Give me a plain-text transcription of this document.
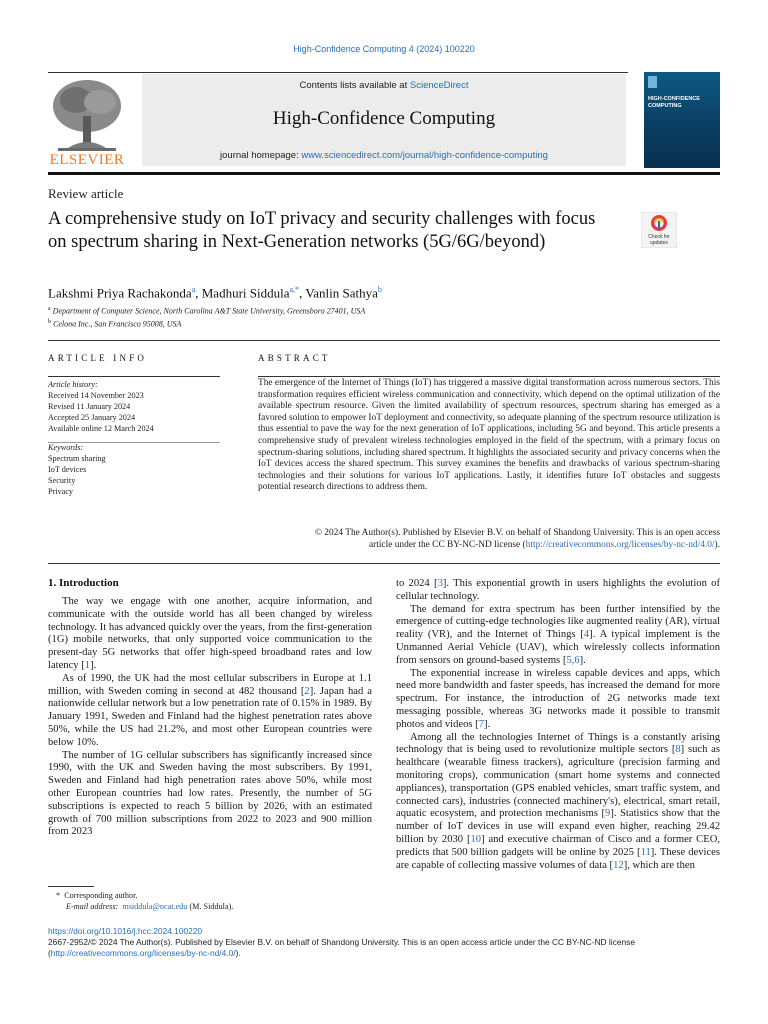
High-Confidence Computing 4 (2024) 100220
ELSEVIER
Contents lists available at ScienceDirect
High-Confidence Computing
journal homepage: www.sciencedirect.com/journal/high-confidence-computing
HIGH-CONFIDENCE COMPUTING
Review article
A comprehensive study on IoT privacy and security challenges with focus on spectrum sharing in Next-Generation networks (5G/6G/beyond)	Check for updates
Lakshmi Priya Rachakonda$^a$, Madhuri Siddula$^{a,*}$, Vanlin Sathya$^b$
$^a$ Department of Computer Science, North Carolina A&T State University, Greensboro 27401, USA
$^b$ Celona Inc., San Francisco 95008, USA
ARTICLE INFO
Article history:
Received 14 November 2023
Revised 11 January 2024
Accepted 25 January 2024
Available online 12 March 2024
Keywords:
Spectrum sharing
IoT devices
Security
Privacy
ABSTRACT
The emergence of the Internet of Things (IoT) has triggered a massive digital transformation across numerous sectors. This transformation requires efficient wireless communication and connectivity, which depend on the optimal utilization of the available spectrum resource. Given the limited availability of spectrum resources, spectrum sharing has emerged as a favored solution to empower IoT deployment and connectivity, so adequate planning of the spectrum resource utilization is thus essential to pave the way for the next generation of IoT applications, including 5G and beyond. This article presents a comprehensive study of prevalent wireless technologies employed in the field of the spectrum, with a primary focus on spectrum-sharing solutions, including shared spectrum. It highlights the associated security and privacy concerns when the IoT devices access the shared spectrum. This survey examines the benefits and drawbacks of various spectrum-sharing technologies and their solutions for various IoT applications. Lastly, it identifies future IoT obstacles and suggests potential research directions to address them.
© 2024 The Author(s). Published by Elsevier B.V. on behalf of Shandong University. This is an open access
article under the CC BY-NC-ND license (http://creativecommons.org/licenses/by-nc-nd/4.0/).
1. Introduction

The way we engage with one another, acquire information, and communicate with the outside world has all been changed by wireless technology. It has advanced quickly over the years, from the first-generation (1G) mobile networks, that only supported voice communication to the present-day 5G networks that offer high-speed broadband rates and low latency [1].

As of 1990, the UK had the most cellular subscribers in Europe at 1.1 million, with Sweden coming in second at 482 thousand [2]. Japan had a nationwide cellular network but a low penetration rate of 0.15% in 1989. By January 1991, Sweden and Finland had the highest penetration rates above 50%, while the US had 21.2%, and most other European countries were below 10%.

The number of 1G cellular subscribers has significantly increased since 1990, with the UK and Sweden having the most subscribers. By 1991, Sweden and Finland had high penetration rates above 50%, while most other European countries had low rates. Presently, the number of 5G subscriptions is expected to reach 5 billion by 2026, with an estimated growth of 700 million subscriptions from 2022 to 2023 and 900 million from 2023

to 2024 [3]. This exponential growth in users highlights the evolution of cellular technology.

The demand for extra spectrum has been further intensified by the emergence of cutting-edge technologies like augmented reality (AR), virtual reality (VR), and the Internet of Things [4]. A typical implement is the Unmanned Aerial Vehicle (UAV), which wirelessly collects information from sensors on ground-based systems [5,6].

The exponential increase in wireless capable devices and apps, which need more bandwidth and faster speeds, has increased the demand for more spectrum. For instance, the introduction of 2G networks made text messaging possible, whereas 3G networks made it possible to transmit photos and videos [7].

Among all the technologies Internet of Things is a constantly arising technology that is being used to revolutionize multiple sectors [8] such as healthcare (wearable fitness trackers), agriculture (precision farming and monitoring crops), communication (smart home systems and connected appliances), transportation (GPS enabled vehicles, smart traffic system, and connected cars), industries (connected machinery's), electrical, smart retail, aquatic ecosystem, and protection mechanisms [9]. Statistics show that the number of IoT devices in use will expand even higher, reaching 29.42 billion by 2030 [10] and executive chairman of Cisco and a former CEO, predicts that 500 billion gadgets will be online by 2025 [11]. These devices are capable of collecting massive volumes of data [12], which are then

* Corresponding author.
E-mail address: msiddula@ncat.edu (M. Siddula).
https://doi.org/10.1016/j.hcc.2024.100220
2667-2952/© 2024 The Author(s). Published by Elsevier B.V. on behalf of Shandong University. This is an open access article under the CC BY-NC-ND license
(http://creativecommons.org/licenses/by-nc-nd/4.0/).
